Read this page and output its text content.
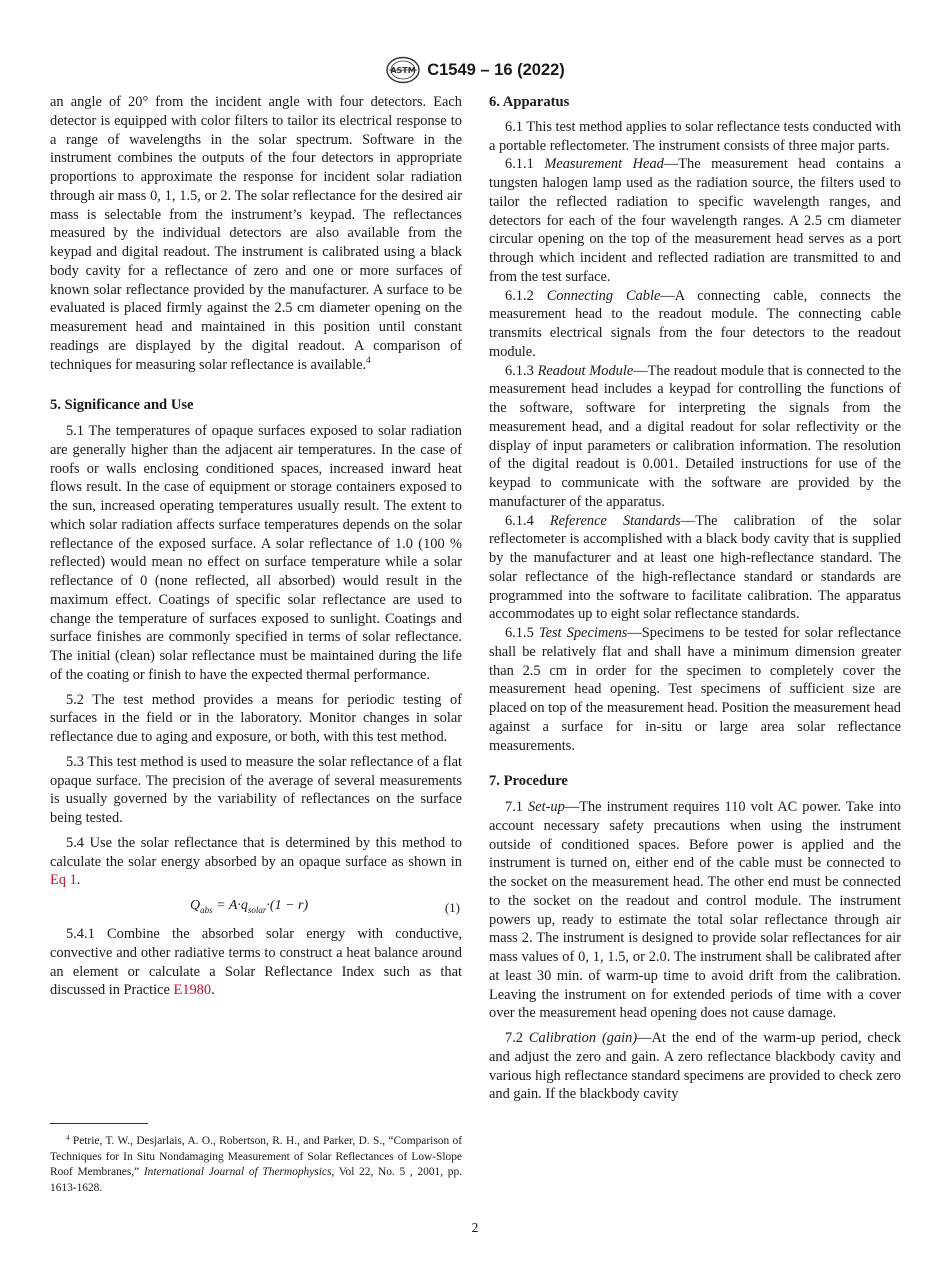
ASTM C1549 – 16 (2022)

an angle of 20° from the incident angle with four detectors. Each detector is equipped with color filters to tailor its electrical response to a range of wavelengths in the solar spectrum. Software in the instrument combines the outputs of the four detectors in appropriate proportions to approximate the response for incident solar radiation through air mass 0, 1, 1.5, or 2. The solar reflectance for the desired air mass is selectable from the instrument’s keypad. The reflectances measured by the individual detectors are also available from the keypad and digital readout. The instrument is calibrated using a black body cavity for a reflectance of zero and one or more surfaces of known solar reflectance provided by the manufacturer. A surface to be evaluated is placed firmly against the 2.5 cm diameter opening on the measurement head and maintained in this position until constant readings are displayed by the digital readout. A comparison of techniques for measuring solar reflectance is available.$^4$

5. Significance and Use

5.1 The temperatures of opaque surfaces exposed to solar radiation are generally higher than the adjacent air temperatures. In the case of roofs or walls enclosing conditioned spaces, increased inward heat flows result. In the case of equipment or storage containers exposed to the sun, increased operating temperatures usually result. The extent to which solar radiation affects surface temperatures depends on the solar reflectance of the exposed surface. A solar reflectance of 1.0 (100 % reflected) would mean no effect on surface temperature while a solar reflectance of 0 (none reflected, all absorbed) would result in the maximum effect. Coatings of specific solar reflectance are used to change the temperature of surfaces exposed to sunlight. Coatings and surface finishes are commonly specified in terms of solar reflectance. The initial (clean) solar reflectance must be maintained during the life of the coating or finish to have the expected thermal performance.

5.2 The test method provides a means for periodic testing of surfaces in the field or in the laboratory. Monitor changes in solar reflectance due to aging and exposure, or both, with this test method.

5.3 This test method is used to measure the solar reflectance of a flat opaque surface. The precision of the average of several measurements is usually governed by the variability of reflectances on the surface being tested.

5.4 Use the solar reflectance that is determined by this method to calculate the solar energy absorbed by an opaque surface as shown in Eq 1.

$Q_{abs} = A\cdot q_{solar}\cdot(1 - r)$	(1)

5.4.1 Combine the absorbed solar energy with conductive, convective and other radiative terms to construct a heat balance around an element or calculate a Solar Reflectance Index such as that discussed in Practice E1980.

$^4$ Petrie, T. W., Desjarlais, A. O., Robertson, R. H., and Parker, D. S., “Comparison of Techniques for In Situ Nondamaging Measurement of Solar Reflectances of Low-Slope Roof Membranes,” International Journal of Thermophysics, Vol 22, No. 5 , 2001, pp. 1613-1628.
6. Apparatus

6.1 This test method applies to solar reflectance tests conducted with a portable reflectometer. The instrument consists of three major parts.

6.1.1 Measurement Head—The measurement head contains a tungsten halogen lamp used as the radiation source, the filters used to tailor the reflected radiation to specific wavelength ranges, and detectors for each of the four wavelength ranges. A 2.5 cm diameter circular opening on the top of the measurement head serves as a port through which incident and reflected radiation are transmitted to and from the test surface.

6.1.2 Connecting Cable—A connecting cable, connects the measurement head to the readout module. The connecting cable transmits electrical signals from the four detectors to the readout module.

6.1.3 Readout Module—The readout module that is connected to the measurement head includes a keypad for controlling the functions of the software, software for interpreting the signals from the measurement head, and a digital readout for solar reflectivity or the display of input parameters or calibration information. The resolution of the digital readout is 0.001. Detailed instructions for use of the keypad to communicate with the software are provided by the manufacturer of the apparatus.

6.1.4 Reference Standards—The calibration of the solar reflectometer is accomplished with a black body cavity that is supplied by the manufacturer and at least one high-reflectance standard. The solar reflectance of the high-reflectance standard or standards are programmed into the software to facilitate calibration. The apparatus accommodates up to eight solar reflectance standards.

6.1.5 Test Specimens—Specimens to be tested for solar reflectance shall be relatively flat and shall have a minimum dimension greater than 2.5 cm in order for the specimen to completely cover the measurement head opening. Test specimens of sufficient size are placed on top of the measurement head. Position the measurement head against a surface for in-situ or large area solar reflectance measurements.

7. Procedure

7.1 Set-up—The instrument requires 110 volt AC power. Take into account necessary safety precautions when using the instrument outside of conditioned spaces. Before power is applied and the instrument is turned on, either end of the cable must be connected to the socket on the measurement head. The other end must be connected to the socket on the readout and control module. The instrument powers up, ready to estimate the total solar reflectance through air mass 2. The instrument is designed to provide solar reflectances for air mass values of 0, 1, 1.5, or 2.0. The instrument shall be calibrated after at least 30 min. of warm-up time to avoid drift from the calibration. Leaving the instrument on for extended periods of time with a cover over the measurement head opening does not cause damage.

7.2 Calibration (gain)—At the end of the warm-up period, check and adjust the zero and gain. A zero reflectance blackbody cavity and various high reflectance standard specimens are provided to check zero and gain. If the blackbody cavity

2
